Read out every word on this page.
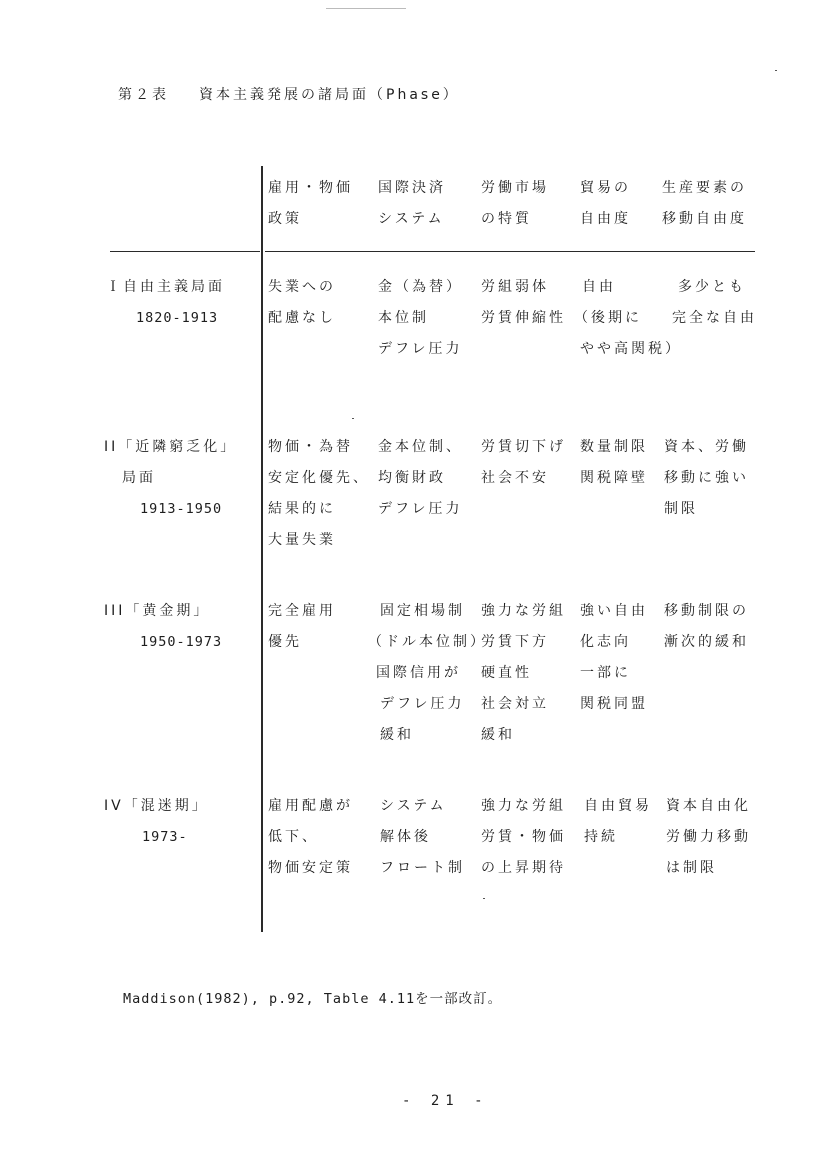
第２表 資本主義発展の諸局面（Phase）
雇用・物価
政策
国際決済
システム
労働市場
の特質
貿易の
自由度
生産要素の
移動自由度
Ｉ自由主義局面
1820-1913
失業への
配慮なし
金（為替）
本位制
デフレ圧力
労組弱体
労賃伸縮性
自由
（後期に
やや高関税）
多少とも
完全な自由
II「近隣窮乏化」
局面
1913-1950
物価・為替
安定化優先、
結果的に
大量失業
金本位制、
均衡財政
デフレ圧力
労賃切下げ
社会不安
数量制限
関税障壁
資本、労働
移動に強い
制限
III「黄金期」
1950-1973
完全雇用
優先
固定相場制
（ドル本位制）
国際信用が
デフレ圧力
緩和
強力な労組
労賃下方
硬直性
社会対立
緩和
強い自由
化志向
一部に
関税同盟
移動制限の
漸次的緩和
IV「混迷期」
1973-
雇用配慮が
低下、
物価安定策
システム
解体後
フロート制
強力な労組
労賃・物価
の上昇期待
自由貿易
持続
資本自由化
労働力移動
は制限
Maddison(1982), p.92, Table 4.11を一部改訂。
- 21 -
